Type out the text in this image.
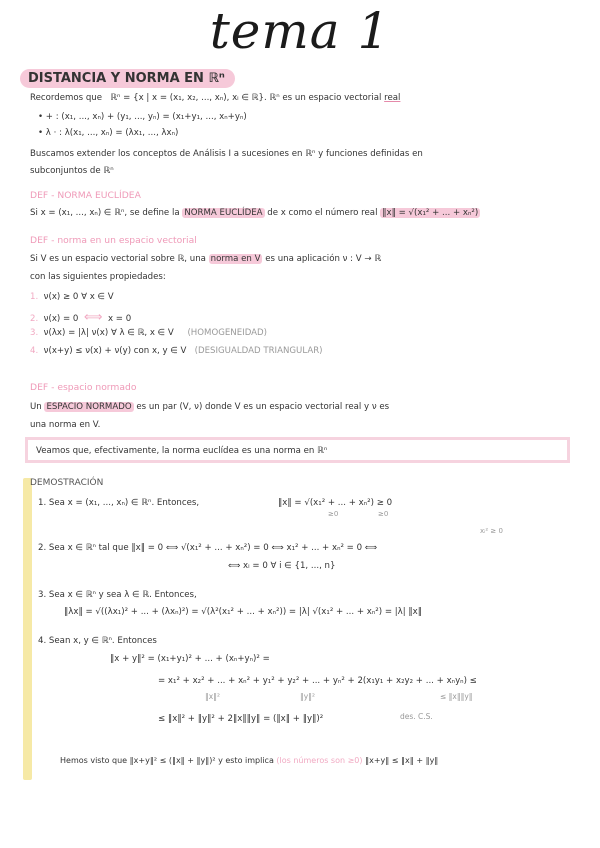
tema 1
DISTANCIA Y NORMA EN ℝⁿ
Recordemos que ℝⁿ = {x | x = (x₁, x₂, ..., xₙ), xᵢ ∈ ℝ}. ℝⁿ es un espacio vectorial real
• + : (x₁, ..., xₙ) + (y₁, ..., yₙ) = (x₁+y₁, ..., xₙ+yₙ)
• λ · : λ(x₁, ..., xₙ) = (λx₁, ..., λxₙ)
Buscamos extender los conceptos de Análisis I a sucesiones en ℝⁿ y funciones definidas en
subconjuntos de ℝⁿ
DEF - NORMA EUCLÍDEA
Si x = (x₁, ..., xₙ) ∈ ℝⁿ, se define la NORMA EUCLÍDEA de x como el número real ‖x‖ = √(x₁² + ... + xₙ²)
DEF - norma en un espacio vectorial
Si V es un espacio vectorial sobre ℝ, una norma en V es una aplicación ν : V → ℝ
con las siguientes propiedades:
1. ν(x) ≥ 0 ∀ x ∈ V
2. ν(x) = 0 ⟺ x = 0
3. ν(λx) = |λ| ν(x) ∀ λ ∈ ℝ, x ∈ V (HOMOGENEIDAD)
4. ν(x+y) ≤ ν(x) + ν(y) con x, y ∈ V (DESIGUALDAD TRIANGULAR)
DEF - espacio normado
Un ESPACIO NORMADO es un par (V, ν) donde V es un espacio vectorial real y ν es
una norma en V.
Veamos que, efectivamente, la norma euclídea es una norma en ℝⁿ
DEMOSTRACIÓN
1. Sea x = (x₁, ..., xₙ) ∈ ℝⁿ. Entonces,	‖x‖ = √(x₁² + ... + xₙ²) ≥ 0
≥0	≥0
2. Sea x ∈ ℝⁿ tal que ‖x‖ = 0 ⟺ √(x₁² + ... + xₙ²) = 0 ⟺ x₁² + ... + xₙ² = 0 ⟺
xᵢ² ≥ 0
⟺ xᵢ = 0 ∀ i ∈ {1, ..., n}
3. Sea x ∈ ℝⁿ y sea λ ∈ ℝ. Entonces,
‖λx‖ = √((λx₁)² + ... + (λxₙ)²) = √(λ²(x₁² + ... + xₙ²)) = |λ| √(x₁² + ... + xₙ²) = |λ| ‖x‖
4. Sean x, y ∈ ℝⁿ. Entonces
‖x + y‖² = (x₁+y₁)² + ... + (xₙ+yₙ)² =
= x₁² + x₂² + ... + xₙ² + y₁² + y₂² + ... + yₙ² + 2(x₁y₁ + x₂y₂ + ... + xₙyₙ) ≤
‖x‖²	‖y‖²	≤ ‖x‖‖y‖
≤ ‖x‖² + ‖y‖² + 2‖x‖‖y‖ = (‖x‖ + ‖y‖)²	des. C.S.
Hemos visto que ‖x+y‖² ≤ (‖x‖ + ‖y‖)² y esto implica (los números son ≥0) ‖x+y‖ ≤ ‖x‖ + ‖y‖
